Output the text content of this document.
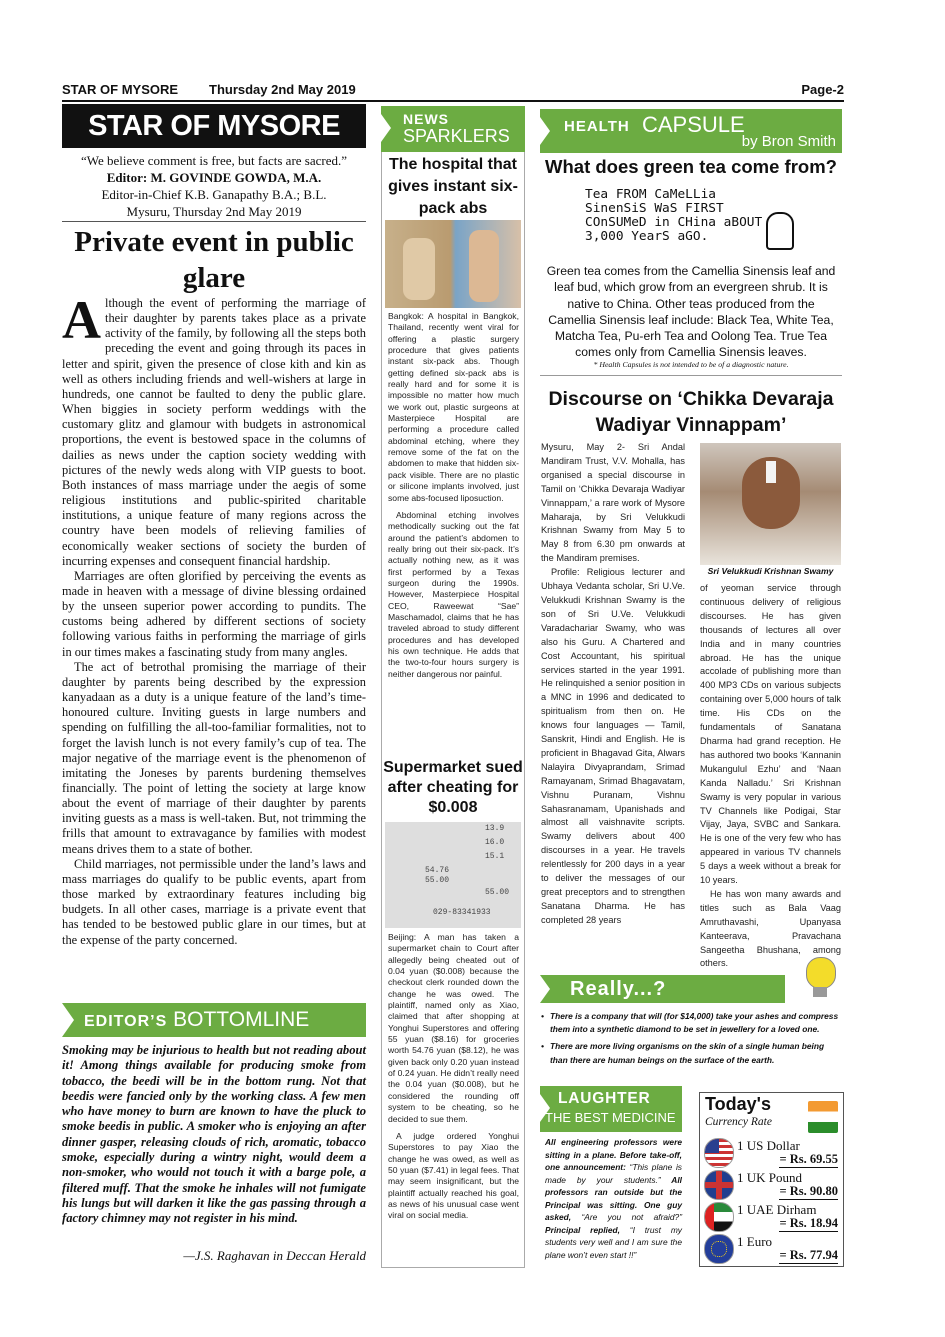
STAR OF MYSORE Thursday 2nd May 2019	Page-2
STAR OF MYSORE
“We believe comment is free, but facts are sacred.”
Editor: M. GOVINDE GOWDA, M.A.
Editor-in-Chief K.B. Ganapathy B.A.; B.L.
Mysuru, Thursday 2nd May 2019
Private event in public glare

Although the event of performing the marriage of their daughter by parents takes place as a private activity of the family, by following all the steps both preceding the event and going through its paces in letter and spirit, given the presence of close kith and kin as well as others including friends and well-wishers at large in hundreds, one cannot be faulted to deny the public glare. When biggies in society perform weddings with the customary glitz and glamour with budgets in astronomical proportions, the event is bestowed space in the columns of dailies as news under the caption society wedding with pictures of the newly weds along with VIP guests to boot. Both instances of mass marriage under the aegis of some religious institutions and public-spirited charitable institutions, a unique feature of many regions across the country have been models of relieving families of economically weaker sections of society the burden of incurring expenses and consequent financial hardship.

Marriages are often glorified by perceiving the events as made in heaven with a message of divine blessing ordained by the unseen superior power according to pundits. The customs being adhered by different sections of society following various faiths in performing the marriage of girls in our times makes a fascinating study from many angles.

The act of betrothal promising the marriage of their daughter by parents being described by the expression kanyadaan as a duty is a unique feature of the land’s time-honoured culture. Inviting guests in large numbers and spending on fulfilling the all-too-familiar formalities, not to forget the lavish lunch is not every family’s cup of tea. The major negative of the marriage event is the phenomenon of imitating the Joneses by parents burdening themselves financially. The point of letting the society at large know about the event of marriage of their daughter by parents inviting guests as a mass is well-taken. But, not trimming the frills that amount to extravagance by families with modest means drives them to a state of bother.

Child marriages, not permissible under the land’s laws and mass marriages do qualify to be public events, apart from those marked by extraordinary features including big budgets. In all other cases, marriage is a private event that has tended to be bestowed public glare in our times, but at the expense of the party concerned.

EDITOR’S BOTTOMLINE
Smoking may be injurious to health but not reading about it! Among things available for producing smoke from tobacco, the beedi will be in the bottom rung. Not that beedis were fancied only by the working class. A few men who have money to burn are known to have the pluck to smoke beedis in public. A smoker who is enjoying an after dinner gasper, releasing clouds of rich, aromatic, tobacco smoke, especially during a wintry night, would deem a non-smoker, who would not touch it with a barge pole, a filtered muff. That the smoke he inhales will not fumigate his lungs but will darken it like the gas passing through a factory chimney may not register in his mind.
—J.S. Raghavan in Deccan Herald
NEWS
SPARKLERS
The hospital that gives instant six-pack abs

Bangkok: A hospital in Bangkok, Thailand, recently went viral for offering a plastic surgery procedure that gives patients instant six-pack abs. Though getting defined six-pack abs is really hard and for some it is impossible no matter how much we work out, plastic surgeons at Masterpiece Hospital are performing a procedure called abdominal etching, where they remove some of the fat on the abdomen to make that hidden six-pack visible. There are no plastic or silicone implants involved, just some abs-focused liposuction.

Abdominal etching involves methodically sucking out the fat around the patient’s abdomen to really bring out their six-pack. It’s actually nothing new, as it was first performed by a Texas surgeon during the 1990s. However, Masterpiece Hospital CEO, Raweewat “Sae” Maschamadol, claims that he has traveled abroad to study different procedures and has developed his own technique. He adds that the two-to-four hours surgery is neither dangerous nor painful.

Supermarket sued after cheating for $0.008
13.9
16.0
15.1
54.76
55.00
55.00
029-83341933

Beijing: A man has taken a supermarket chain to Court after allegedly being cheated out of 0.04 yuan ($0.008) because the checkout clerk rounded down the change he was owed. The plaintiff, named only as Xiao, claimed that after shopping at Yonghui Superstores and offering 55 yuan ($8.16) for groceries worth 54.76 yuan ($8.12), he was given back only 0.20 yuan instead of 0.24 yuan. He didn’t really need the 0.04 yuan ($0.008), but he considered the rounding off system to be cheating, so he decided to sue them.

A judge ordered Yonghui Superstores to pay Xiao the change he was owed, as well as 50 yuan ($7.41) in legal fees. That may seem insignificant, but the plaintiff actually reached his goal, as news of his unusual case went viral on social media.

HEALTH CAPSULE
by Bron Smith
What does green tea come from?
Tea FROM CaMeLLia SinenSiS WaS FIRST COnSUMeD in CHina aBOUT 3,000 YearS aGO.
Green tea comes from the Camellia Sinensis leaf and leaf bud, which grow from an evergreen shrub. It is native to China. Other teas produced from the Camellia Sinensis leaf include: Black Tea, White Tea, Matcha Tea, Pu-erh Tea and Oolong Tea. True Tea comes only from Camellia Sinensis leaves.
* Health Capsules is not intended to be of a diagnostic nature.
Discourse on ‘Chikka Devaraja Wadiyar Vinnappam’
Sri Velukkudi Krishnan Swamy

Mysuru, May 2- Sri Andal Mandiram Trust, V.V. Mohalla, has organised a special discourse in Tamil on ‘Chikka Devaraja Wadiyar Vinnappam,’ a rare work of Mysore Maharaja, by Sri Velukkudi Krishnan Swamy from May 5 to May 8 from 6.30 pm onwards at the Mandiram premises.

Profile: Religious lecturer and Ubhaya Vedanta scholar, Sri U.Ve. Velukkudi Krishnan Swamy is the son of Sri U.Ve. Velukkudi Varadachariar Swamy, who was also his Guru. A Chartered and Cost Accountant, his spiritual services started in the year 1991. He relinquished a senior position in a MNC in 1996 and dedicated to spiritualism from then on. He knows four languages — Tamil, Sanskrit, Hindi and English. He is proficient in Bhagavad Gita, Alwars Nalayira Divyaprandam, Srimad Ramayanam, Srimad Bhagavatam, Vishnu Puranam, Vishnu Sahasranamam, Upanishads and almost all vaishnavite scripts. Swamy delivers about 400 discourses in a year. He travels relentlessly for 200 days in a year to deliver the messages of our great preceptors and to strengthen Sanatana Dharma. He has completed 28 years

of yeoman service through continuous delivery of religious discourses. He has given thousands of lectures all over India and in many countries abroad. He has the unique accolade of publishing more than 400 MP3 CDs on various subjects containing over 5,000 hours of talk time. His CDs on the fundamentals of Sanatana Dharma had grand reception. He has authored two books ‘Kannanin Mukangulul Ezhu’ and ‘Naan Kanda Nalladu.’ Sri Krishnan Swamy is very popular in various TV Channels like Podigai, Star Vijay, Jaya, SVBC and Sankara. He is one of the very few who has appeared in various TV channels 5 days a week without a break for 10 years.

He has won many awards and titles such as Bala Vaag Amruthavashi, Upanyasa Kanteerava, Pravachana Sangeetha Bhushana, among others.

Really...?
• There is a company that will (for $14,000) take your ashes and compress them into a synthetic diamond to be set in jewellery for a loved one.
• There are more living organisms on the skin of a single human being than there are human beings on the surface of the earth.
LAUGHTER
THE BEST MEDICINE
All engineering professors were sitting in a plane. Before take-off, one announcement: “This plane is made by your students.” All professors ran outside but the Principal was sitting. One guy asked, “Are you not afraid?” Principal replied, “I trust my students very well and I am sure the plane won’t even start !!”
Today's
Currency Rate
1 US Dollar
= Rs. 69.55
1 UK Pound
= Rs. 90.80
1 UAE Dirham
= Rs. 18.94
1 Euro
= Rs. 77.94
